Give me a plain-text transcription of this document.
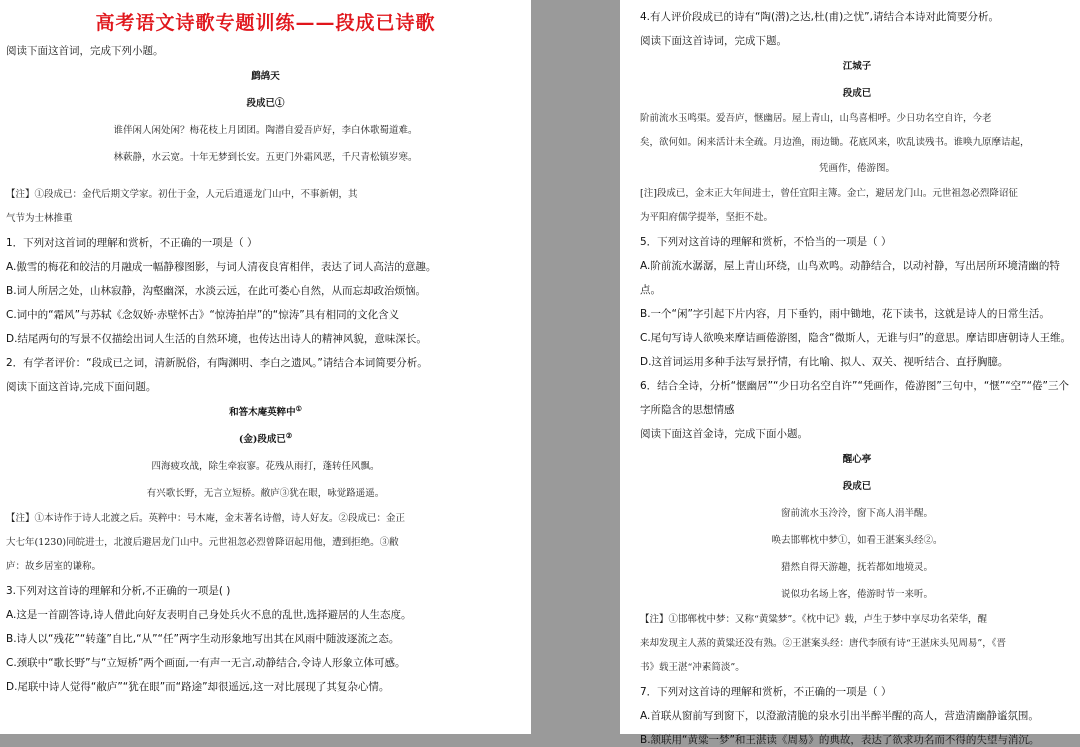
高考语文诗歌专题训练——段成已诗歌
阅读下面这首词，完成下列小题。
鹧鸪天
段成已①
谁伴闲人闲处闲？梅花枝上月团团。陶潜自爱吾庐好，李白休歌蜀道难。
林蔌静，水云宽。十年无梦到长安。五更门外霜风恶，千尺青松镇岁寒。
【注】①段成已：金代后期文学家。初仕于金，人元后逍遥龙门山中，不事新朝，其
气节为士林推重
1．下列对这首词的理解和赏析，不正确的一项是（ ）
A.傲雪的梅花和皎洁的月融成一幅静穆图影，与词人清夜良宵相伴，表达了词人高洁的意趣。
B.词人所居之处，山林寂静，沟壑幽深，水淡云远，在此可娄心自然，从而忘却政治烦恼。
C.词中的“霜风”与苏轼《念奴娇·赤壁怀古》“惊涛拍岸”的“惊涛”具有相同的文化含义
D.结尾两句的写景不仅描绘出词人生活的自然环境，也传达出诗人的精神风貌，意味深长。
2．有学者评价：“段成已之词，清新脱俗，有陶渊明、李白之遗风。”请结合本词简要分析。
阅读下面这首诗,完成下面问题。
和答木庵英粹中①
(金)段成已②
四海疲攻战，除生牵寂寥。花残从雨打，蓬转任风飘。
有兴歌长野，无言立短桥。敝庐③犹在眼，咏觉路遥遥。
【注】①本诗作于诗人北渡之后。英粹中：号木庵，金末著名诗僧，诗人好友。②段成已：金正
大七年(1230)同皖进士，北渡后避居龙门山中。元世祖忽必烈曾降诏起用他，遭到拒绝。③敝
庐：故乡居室的谦称。
3.下列对这首诗的理解和分析,不正确的一项是( )
A.这是一首副答诗,诗人借此向好友表明自己身处兵火不息的乱世,选择避居的人生态度。
B.诗人以“残花”“转蓬”自比,“从”“任”两字生动形象地写出其在风雨中随波逐流之态。
C.颈联中“歌长野”与“立短桥”两个画面,一有声一无言,动静结合,令诗人形象立体可感。
D.尾联中诗人觉得“敝庐”“犹在眼”而“路途”却很遥远,这一对比展现了其复杂心情。
4.有人评价段成已的诗有“陶(潜)之达,杜(甫)之忧”,请结合本诗对此简要分析。
阅读下面这首诗词，完成下题。
江城子
段成已
阶前流水玉鸣渠。爱吾庐，惬幽居。屋上青山，山鸟喜相呼。少日功名空自许，今老
矣，欲何如。闲来活计未全疏。月边渔，雨边锄。花底风来，吹乱读残书。谁唤九原摩诘起，
凭画作，倦游图。
[注]段成已，金末正大年间进士，曾任宜阳主簿。金亡，避居龙门山。元世祖忽必烈降诏征
为平阳府儒学提举，坚拒不赴。
5．下列对这首诗的理解和赏析，不恰当的一项是（ ）
A.阶前流水潺潺，屋上青山环绕，山鸟欢鸣。动静结合，以动衬静，写出居所环境清幽的特
点。
B.一个“闲”字引起下片内容，月下垂钓，雨中锄地，花下读书，这就是诗人的日常生活。
C.尾句写诗人欲唤来摩诘画倦游图，隐含“微斯人，无谁与归”的意思。摩诘即唐朝诗人王维。
D.这首词运用多种手法写景抒情，有比喻、拟人、双关、视听结合、直抒胸臆。
6．结合全诗，分析“惬幽居”“少日功名空自许”“凭画作，倦游图”三句中，“惬”“空”“倦”三个
字所隐含的思想情感
阅读下面这首金诗，完成下面小题。
醒心亭
段成已
窗前流水玉泠泠，窗下高人涓半醒。
唤去邯郸枕中梦①，如看王湛案头经②。
猎然自得天游趣，抚若都如地境灵。
说似功名场上客，倦游时节一来听。
【注】①邯郸枕中梦：又称“黄粱梦”。《枕中记》载，卢生于梦中享尽功名荣华，醒
来却发现主人蒸的黄粱还没有熟。②王湛案头经：唐代李颀有诗“王湛床头见周易”，《晋
书》载王湛“冲素简淡”。
7．下列对这首诗的理解和赏析，不正确的一项是（ ）
A.首联从窗前写到窗下，以澄澈清脆的泉水引出半醉半醒的高人，营造清幽静谧氛围。
B.颔联用“黄粱一梦”和王湛读《周易》的典故，表达了欲求功名而不得的失望与消沉。
